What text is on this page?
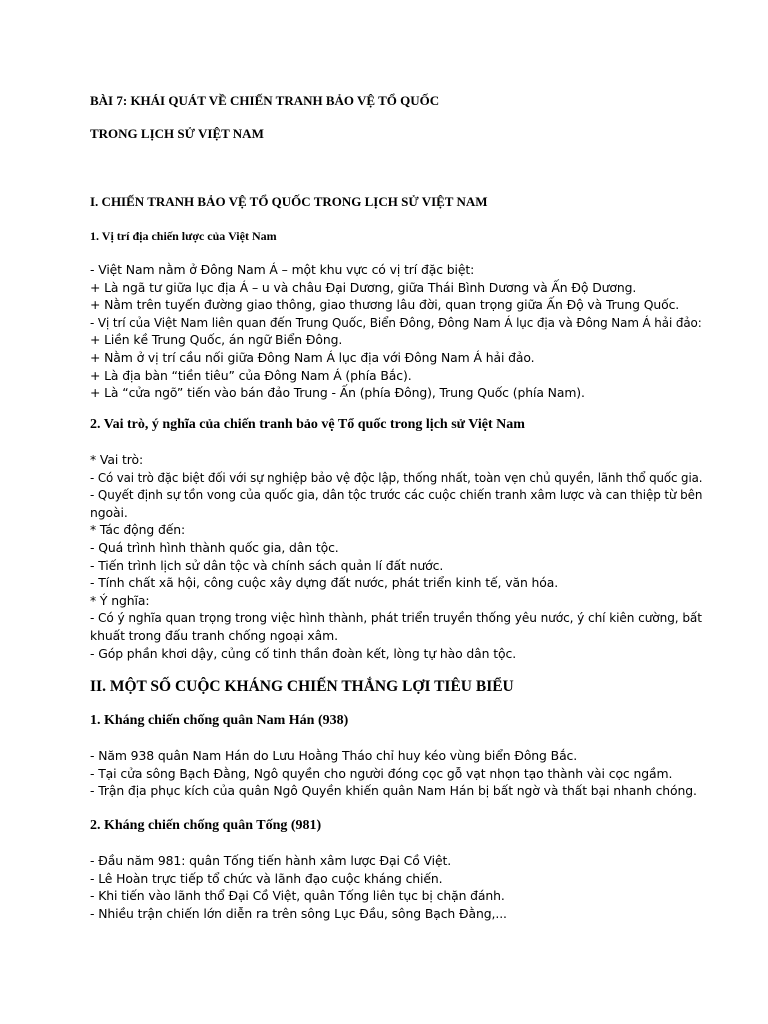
BÀI 7: KHÁI QUÁT VỀ CHIẾN TRANH BẢO VỆ TỔ QUỐC
TRONG LỊCH SỬ VIỆT NAM
I. CHIẾN TRANH BẢO VỆ TỔ QUỐC TRONG LỊCH SỬ VIỆT NAM
1. Vị trí địa chiến lược của Việt Nam
- Việt Nam nằm ở Đông Nam Á – một khu vực có vị trí đặc biệt:
+ Là ngã tư giữa lục địa Á – u và châu Đại Dương, giữa Thái Bình Dương và Ấn Độ Dương.
+ Nằm trên tuyến đường giao thông, giao thương lâu đời, quan trọng giữa Ấn Độ và Trung Quốc.
- Vị trí của Việt Nam liên quan đến Trung Quốc, Biển Đông, Đông Nam Á lục địa và Đông Nam Á hải đảo:
+ Liền kề Trung Quốc, án ngữ Biển Đông.
+ Nằm ở vị trí cầu nối giữa Đông Nam Á lục địa với Đông Nam Á hải đảo.
+ Là địa bàn “tiền tiêu” của Đông Nam Á (phía Bắc).
+ Là “cửa ngõ” tiến vào bán đảo Trung - Ấn (phía Đông), Trung Quốc (phía Nam).
2. Vai trò, ý nghĩa của chiến tranh bảo vệ Tổ quốc trong lịch sử Việt Nam
* Vai trò:
- Có vai trò đặc biệt đối với sự nghiệp bảo vệ độc lập, thống nhất, toàn vẹn chủ quyền, lãnh thổ quốc gia.
- Quyết định sự tồn vong của quốc gia, dân tộc trước các cuộc chiến tranh xâm lược và can thiệp từ bên
ngoài.
* Tác động đến:
- Quá trình hình thành quốc gia, dân tộc.
- Tiến trình lịch sử dân tộc và chính sách quản lí đất nước.
- Tính chất xã hội, công cuộc xây dựng đất nước, phát triển kinh tế, văn hóa.
* Ý nghĩa:
- Có ý nghĩa quan trọng trong việc hình thành, phát triển truyền thống yêu nước, ý chí kiên cường, bất
khuất trong đấu tranh chống ngoại xâm.
- Góp phần khơi dậy, củng cố tinh thần đoàn kết, lòng tự hào dân tộc.
II. MỘT SỐ CUỘC KHÁNG CHIẾN THẮNG LỢI TIÊU BIỂU
1. Kháng chiến chống quân Nam Hán (938)
- Năm 938 quân Nam Hán do Lưu Hoằng Tháo chỉ huy kéo vùng biển Đông Bắc.
- Tại cửa sông Bạch Đằng, Ngô quyền cho người đóng cọc gỗ vạt nhọn tạo thành vài cọc ngầm.
- Trận địa phục kích của quân Ngô Quyền khiến quân Nam Hán bị bất ngờ và thất bại nhanh chóng.
2. Kháng chiến chống quân Tống (981)
- Đầu năm 981: quân Tống tiến hành xâm lược Đại Cồ Việt.
- Lê Hoàn trực tiếp tổ chức và lãnh đạo cuộc kháng chiến.
- Khi tiến vào lãnh thổ Đại Cồ Việt, quân Tống liên tục bị chặn đánh.
- Nhiều trận chiến lớn diễn ra trên sông Lục Đầu, sông Bạch Đằng,...
